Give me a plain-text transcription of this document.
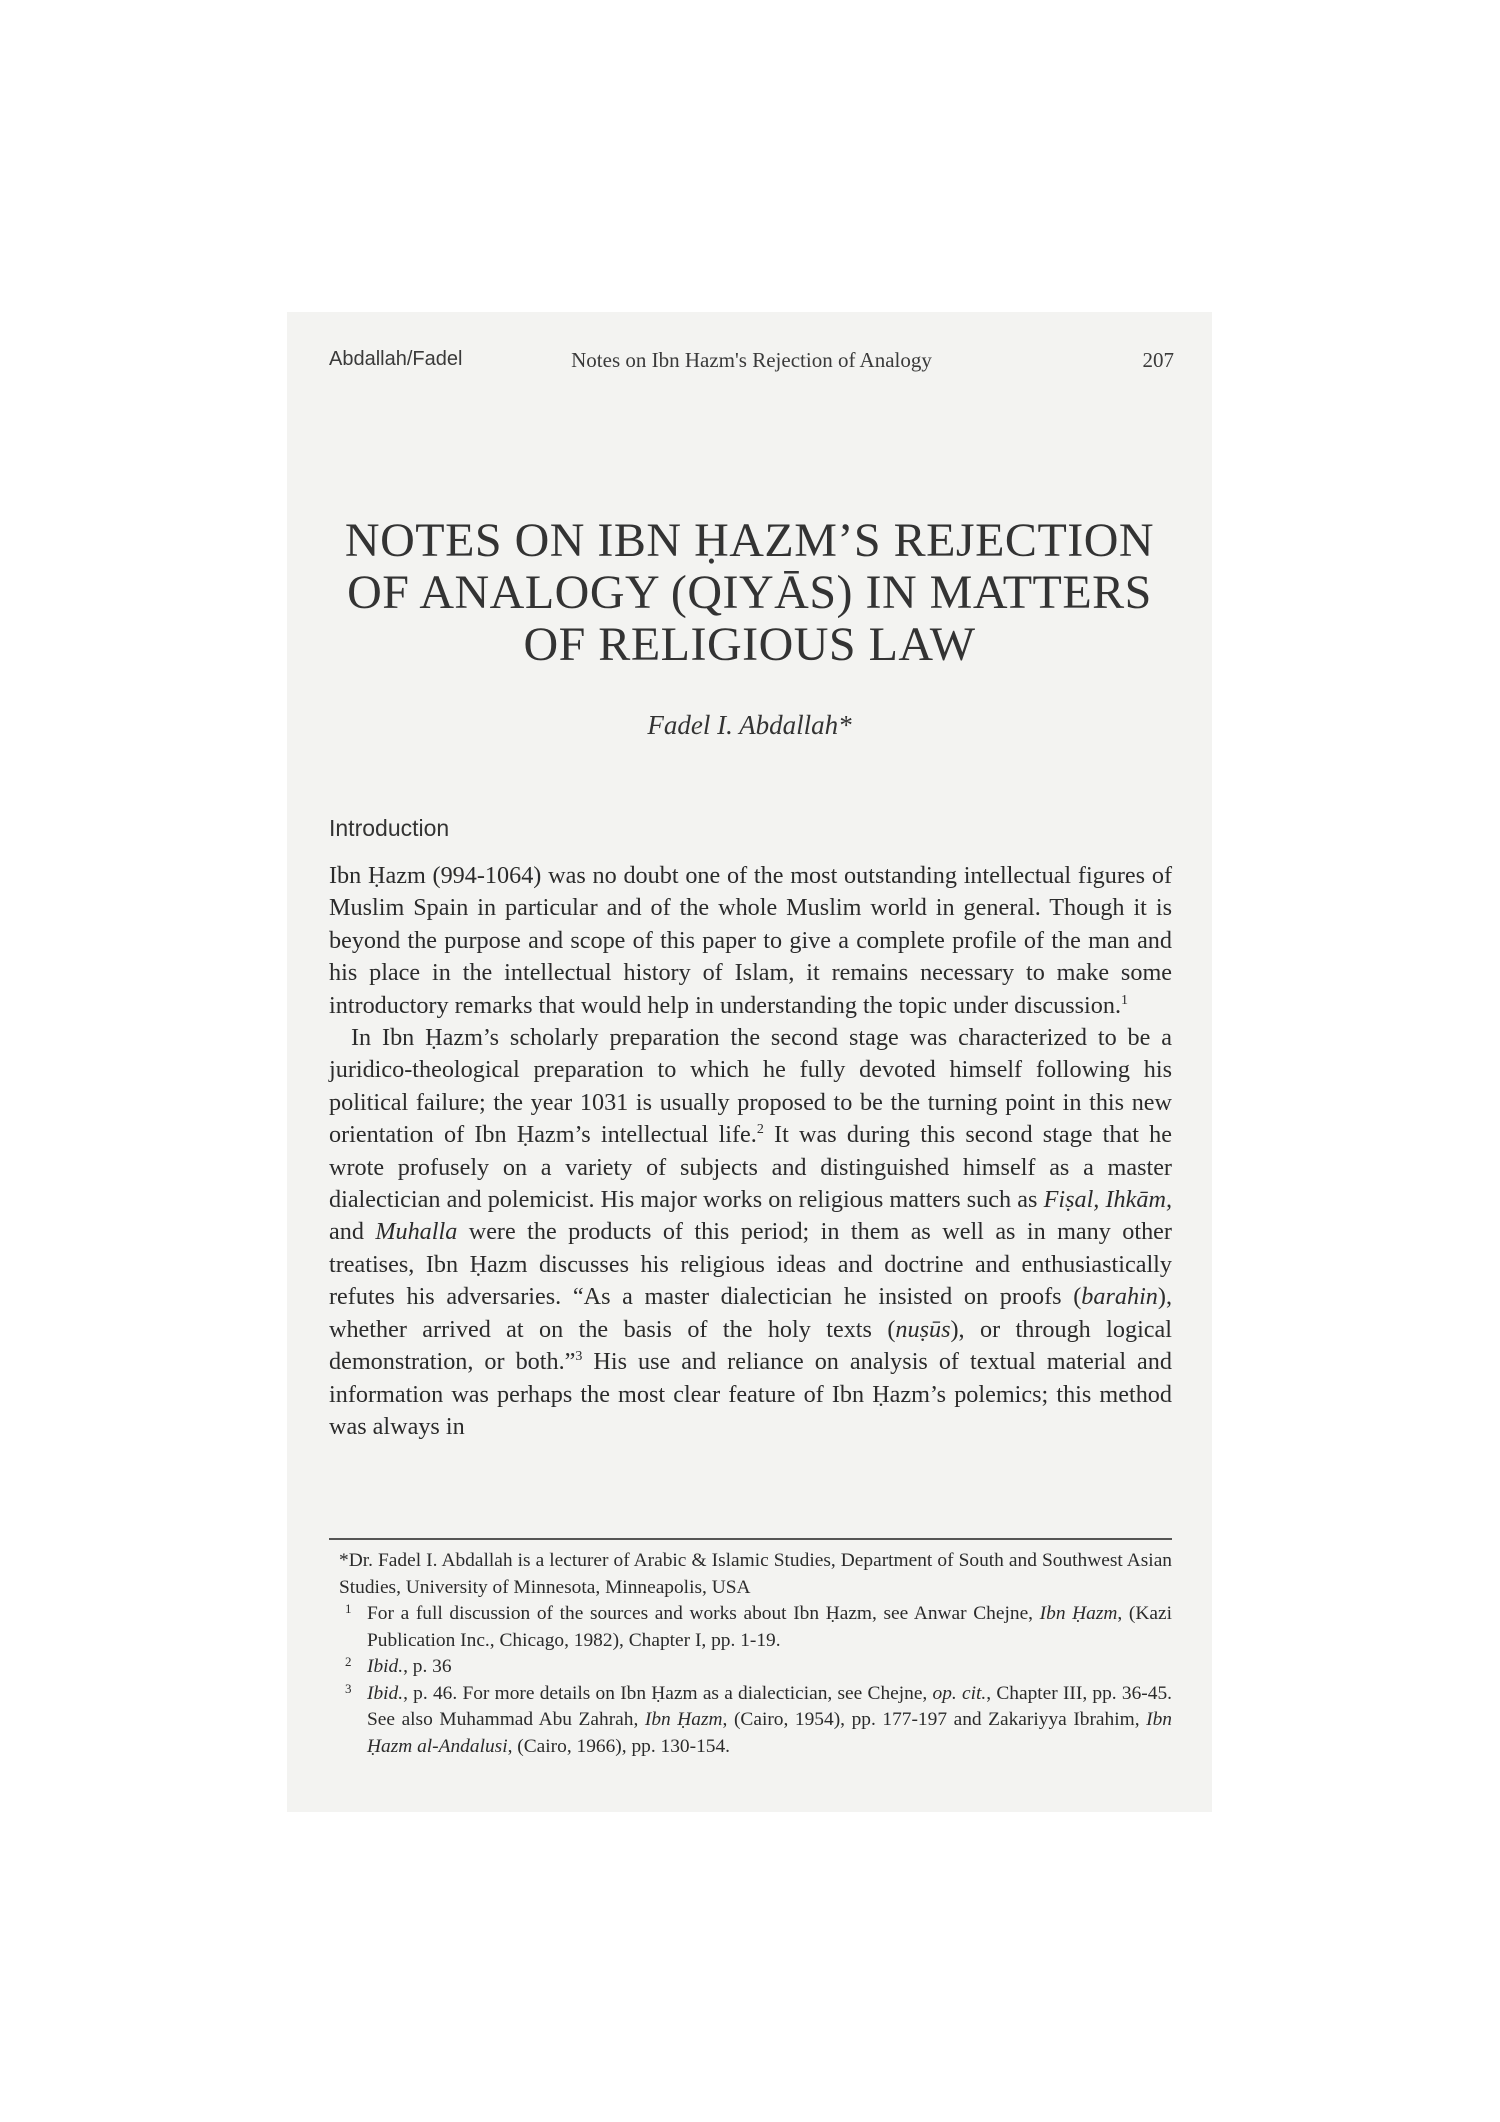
Abdallah/Fadel	Notes on Ibn Hazm's Rejection of Analogy	207
NOTES ON IBN ḤAZM’S REJECTION
OF ANALOGY (QIYĀS) IN MATTERS
OF RELIGIOUS LAW
Fadel I. Abdallah*
Introduction

Ibn Ḥazm (994-1064) was no doubt one of the most outstanding intellectual figures of Muslim Spain in particular and of the whole Muslim world in general. Though it is beyond the purpose and scope of this paper to give a complete profile of the man and his place in the intellectual history of Islam, it remains necessary to make some introductory remarks that would help in understanding the topic under discussion.$^1$

In Ibn Ḥazm’s scholarly preparation the second stage was characterized to be a juridico-theological preparation to which he fully devoted himself following his political failure; the year 1031 is usually proposed to be the turning point in this new orientation of Ibn Ḥazm’s intellectual life.$^2$ It was during this second stage that he wrote profusely on a variety of subjects and distinguished himself as a master dialectician and polemicist. His major works on religious matters such as Fiṣal, Ihkām, and Muhalla were the products of this period; in them as well as in many other treatises, Ibn Ḥazm discusses his religious ideas and doctrine and enthusiastically refutes his adversaries. “As a master dialectician he insisted on proofs (barahin), whether arrived at on the basis of the holy texts (nuṣūs), or through logical demonstration, or both.”$^3$ His use and reliance on analysis of textual material and information was perhaps the most clear feature of Ibn Ḥazm’s polemics; this method was always in

*Dr. Fadel I. Abdallah is a lecturer of Arabic & Islamic Studies, Department of South and Southwest Asian Studies, University of Minnesota, Minneapolis, USA

1 For a full discussion of the sources and works about Ibn Ḥazm, see Anwar Chejne, Ibn Ḥazm, (Kazi Publication Inc., Chicago, 1982), Chapter I, pp. 1-19.

2 Ibid., p. 36

3 Ibid., p. 46. For more details on Ibn Ḥazm as a dialectician, see Chejne, op. cit., Chapter III, pp. 36-45. See also Muhammad Abu Zahrah, Ibn Ḥazm, (Cairo, 1954), pp. 177-197 and Zakariyya Ibrahim, Ibn Ḥazm al-Andalusi, (Cairo, 1966), pp. 130-154.
